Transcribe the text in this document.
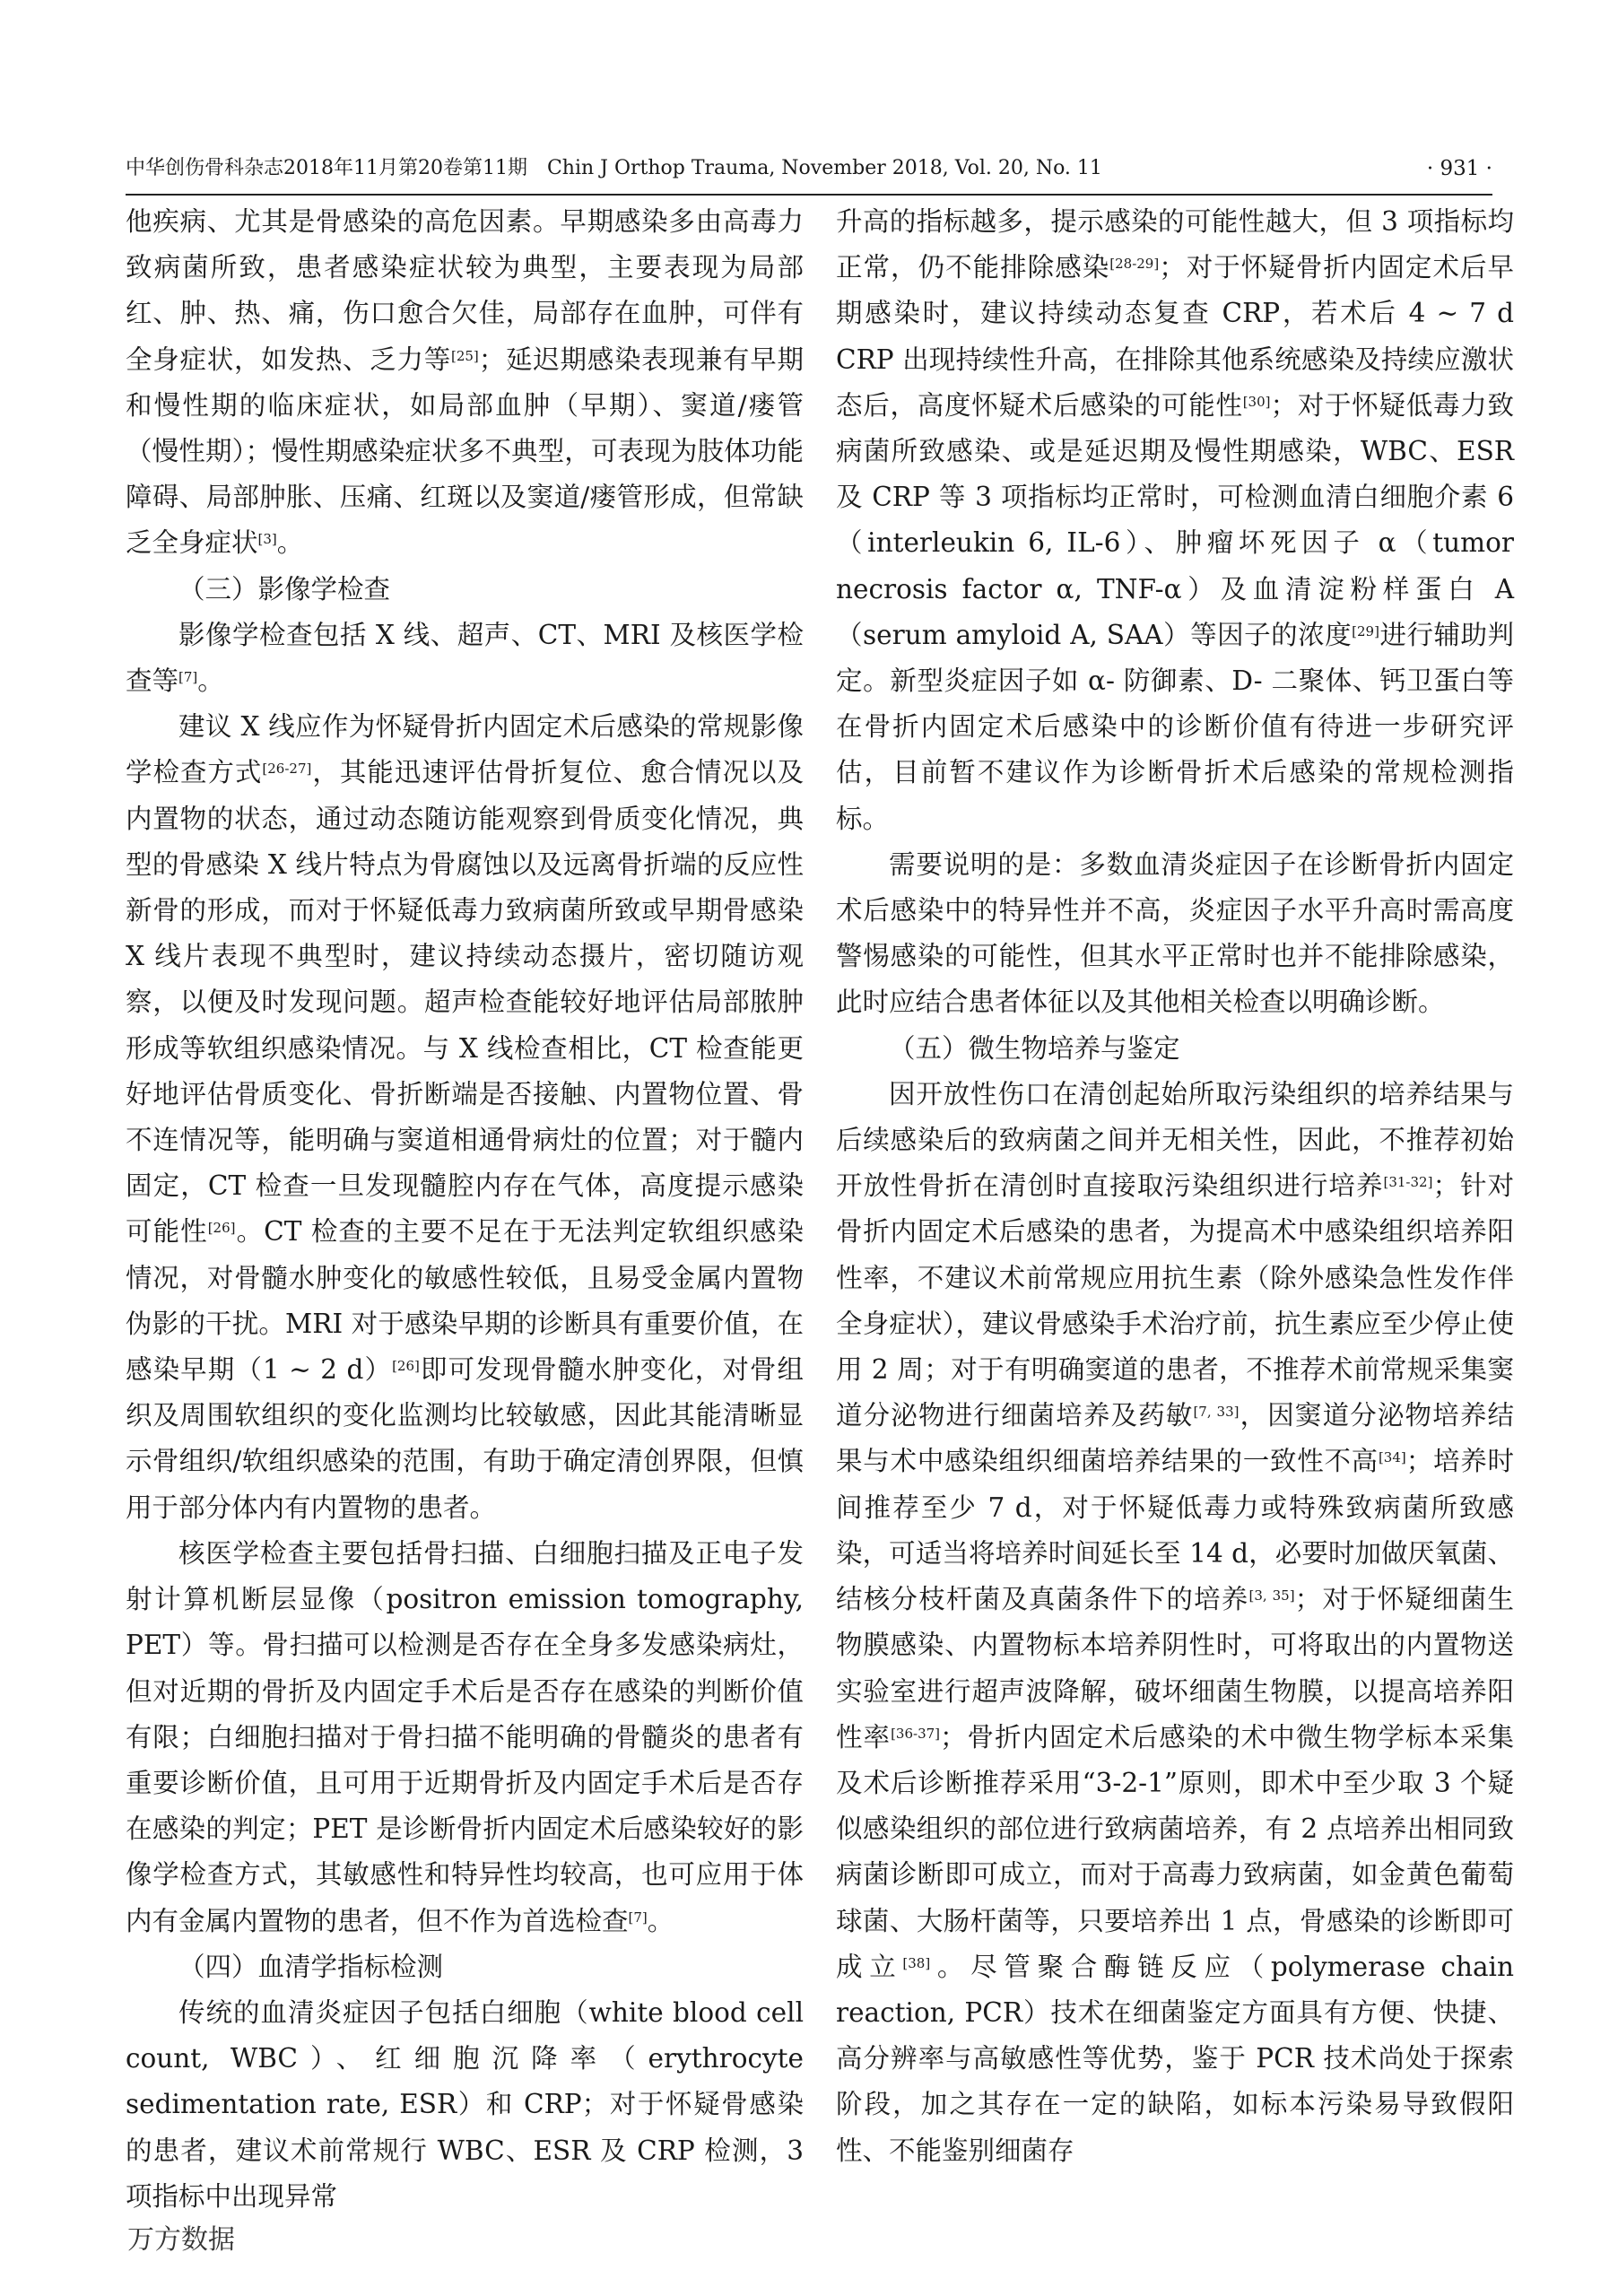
中华创伤骨科杂志2018年11月第20卷第11期　Chin J Orthop Trauma, November 2018, Vol. 20, No. 11	· 931 ·

他疾病、尤其是骨感染的高危因素。早期感染多由高毒力致病菌所致，患者感染症状较为典型，主要表现为局部红、肿、热、痛，伤口愈合欠佳，局部存在血肿，可伴有全身症状，如发热、乏力等[25]；延迟期感染表现兼有早期和慢性期的临床症状，如局部血肿（早期）、窦道/瘘管（慢性期）；慢性期感染症状多不典型，可表现为肢体功能障碍、局部肿胀、压痛、红斑以及窦道/瘘管形成，但常缺乏全身症状[3]。

（三）影像学检查

影像学检查包括 X 线、超声、CT、MRI 及核医学检查等[7]。

建议 X 线应作为怀疑骨折内固定术后感染的常规影像学检查方式[26-27]，其能迅速评估骨折复位、愈合情况以及内置物的状态，通过动态随访能观察到骨质变化情况，典型的骨感染 X 线片特点为骨腐蚀以及远离骨折端的反应性新骨的形成，而对于怀疑低毒力致病菌所致或早期骨感染 X 线片表现不典型时，建议持续动态摄片，密切随访观察，以便及时发现问题。超声检查能较好地评估局部脓肿形成等软组织感染情况。与 X 线检查相比，CT 检查能更好地评估骨质变化、骨折断端是否接触、内置物位置、骨不连情况等，能明确与窦道相通骨病灶的位置；对于髓内固定，CT 检查一旦发现髓腔内存在气体，高度提示感染可能性[26]。CT 检查的主要不足在于无法判定软组织感染情况，对骨髓水肿变化的敏感性较低，且易受金属内置物伪影的干扰。MRI 对于感染早期的诊断具有重要价值，在感染早期（1 ~ 2 d）[26]即可发现骨髓水肿变化，对骨组织及周围软组织的变化监测均比较敏感，因此其能清晰显示骨组织/软组织感染的范围，有助于确定清创界限，但慎用于部分体内有内置物的患者。

核医学检查主要包括骨扫描、白细胞扫描及正电子发射计算机断层显像（positron emission tomography, PET）等。骨扫描可以检测是否存在全身多发感染病灶，但对近期的骨折及内固定手术后是否存在感染的判断价值有限；白细胞扫描对于骨扫描不能明确的骨髓炎的患者有重要诊断价值，且可用于近期骨折及内固定手术后是否存在感染的判定；PET 是诊断骨折内固定术后感染较好的影像学检查方式，其敏感性和特异性均较高，也可应用于体内有金属内置物的患者，但不作为首选检查[7]。

（四）血清学指标检测

传统的血清炎症因子包括白细胞（white blood cell count, WBC）、红细胞沉降率（erythrocyte sedimentation rate, ESR）和 CRP；对于怀疑骨感染的患者，建议术前常规行 WBC、ESR 及 CRP 检测，3 项指标中出现异常

升高的指标越多，提示感染的可能性越大，但 3 项指标均正常，仍不能排除感染[28-29]；对于怀疑骨折内固定术后早期感染时，建议持续动态复查 CRP，若术后 4 ~ 7 d CRP 出现持续性升高，在排除其他系统感染及持续应激状态后，高度怀疑术后感染的可能性[30]；对于怀疑低毒力致病菌所致感染、或是延迟期及慢性期感染，WBC、ESR 及 CRP 等 3 项指标均正常时，可检测血清白细胞介素 6（interleukin 6, IL-6）、肿瘤坏死因子 α（tumor necrosis factor α, TNF-α）及血清淀粉样蛋白 A（serum amyloid A, SAA）等因子的浓度[29]进行辅助判定。新型炎症因子如 α- 防御素、D- 二聚体、钙卫蛋白等在骨折内固定术后感染中的诊断价值有待进一步研究评估，目前暂不建议作为诊断骨折术后感染的常规检测指标。

需要说明的是：多数血清炎症因子在诊断骨折内固定术后感染中的特异性并不高，炎症因子水平升高时需高度警惕感染的可能性，但其水平正常时也并不能排除感染，此时应结合患者体征以及其他相关检查以明确诊断。

（五）微生物培养与鉴定

因开放性伤口在清创起始所取污染组织的培养结果与后续感染后的致病菌之间并无相关性，因此，不推荐初始开放性骨折在清创时直接取污染组织进行培养[31-32]；针对骨折内固定术后感染的患者，为提高术中感染组织培养阳性率，不建议术前常规应用抗生素（除外感染急性发作伴全身症状），建议骨感染手术治疗前，抗生素应至少停止使用 2 周；对于有明确窦道的患者，不推荐术前常规采集窦道分泌物进行细菌培养及药敏[7, 33]，因窦道分泌物培养结果与术中感染组织细菌培养结果的一致性不高[34]；培养时间推荐至少 7 d，对于怀疑低毒力或特殊致病菌所致感染，可适当将培养时间延长至 14 d，必要时加做厌氧菌、结核分枝杆菌及真菌条件下的培养[3, 35]；对于怀疑细菌生物膜感染、内置物标本培养阴性时，可将取出的内置物送实验室进行超声波降解，破坏细菌生物膜，以提高培养阳性率[36-37]；骨折内固定术后感染的术中微生物学标本采集及术后诊断推荐采用“3-2-1”原则，即术中至少取 3 个疑似感染组织的部位进行致病菌培养，有 2 点培养出相同致病菌诊断即可成立，而对于高毒力致病菌，如金黄色葡萄球菌、大肠杆菌等，只要培养出 1 点，骨感染的诊断即可成立[38]。尽管聚合酶链反应（polymerase chain reaction, PCR）技术在细菌鉴定方面具有方便、快捷、高分辨率与高敏感性等优势，鉴于 PCR 技术尚处于探索阶段，加之其存在一定的缺陷，如标本污染易导致假阳性、不能鉴别细菌存

万方数据
